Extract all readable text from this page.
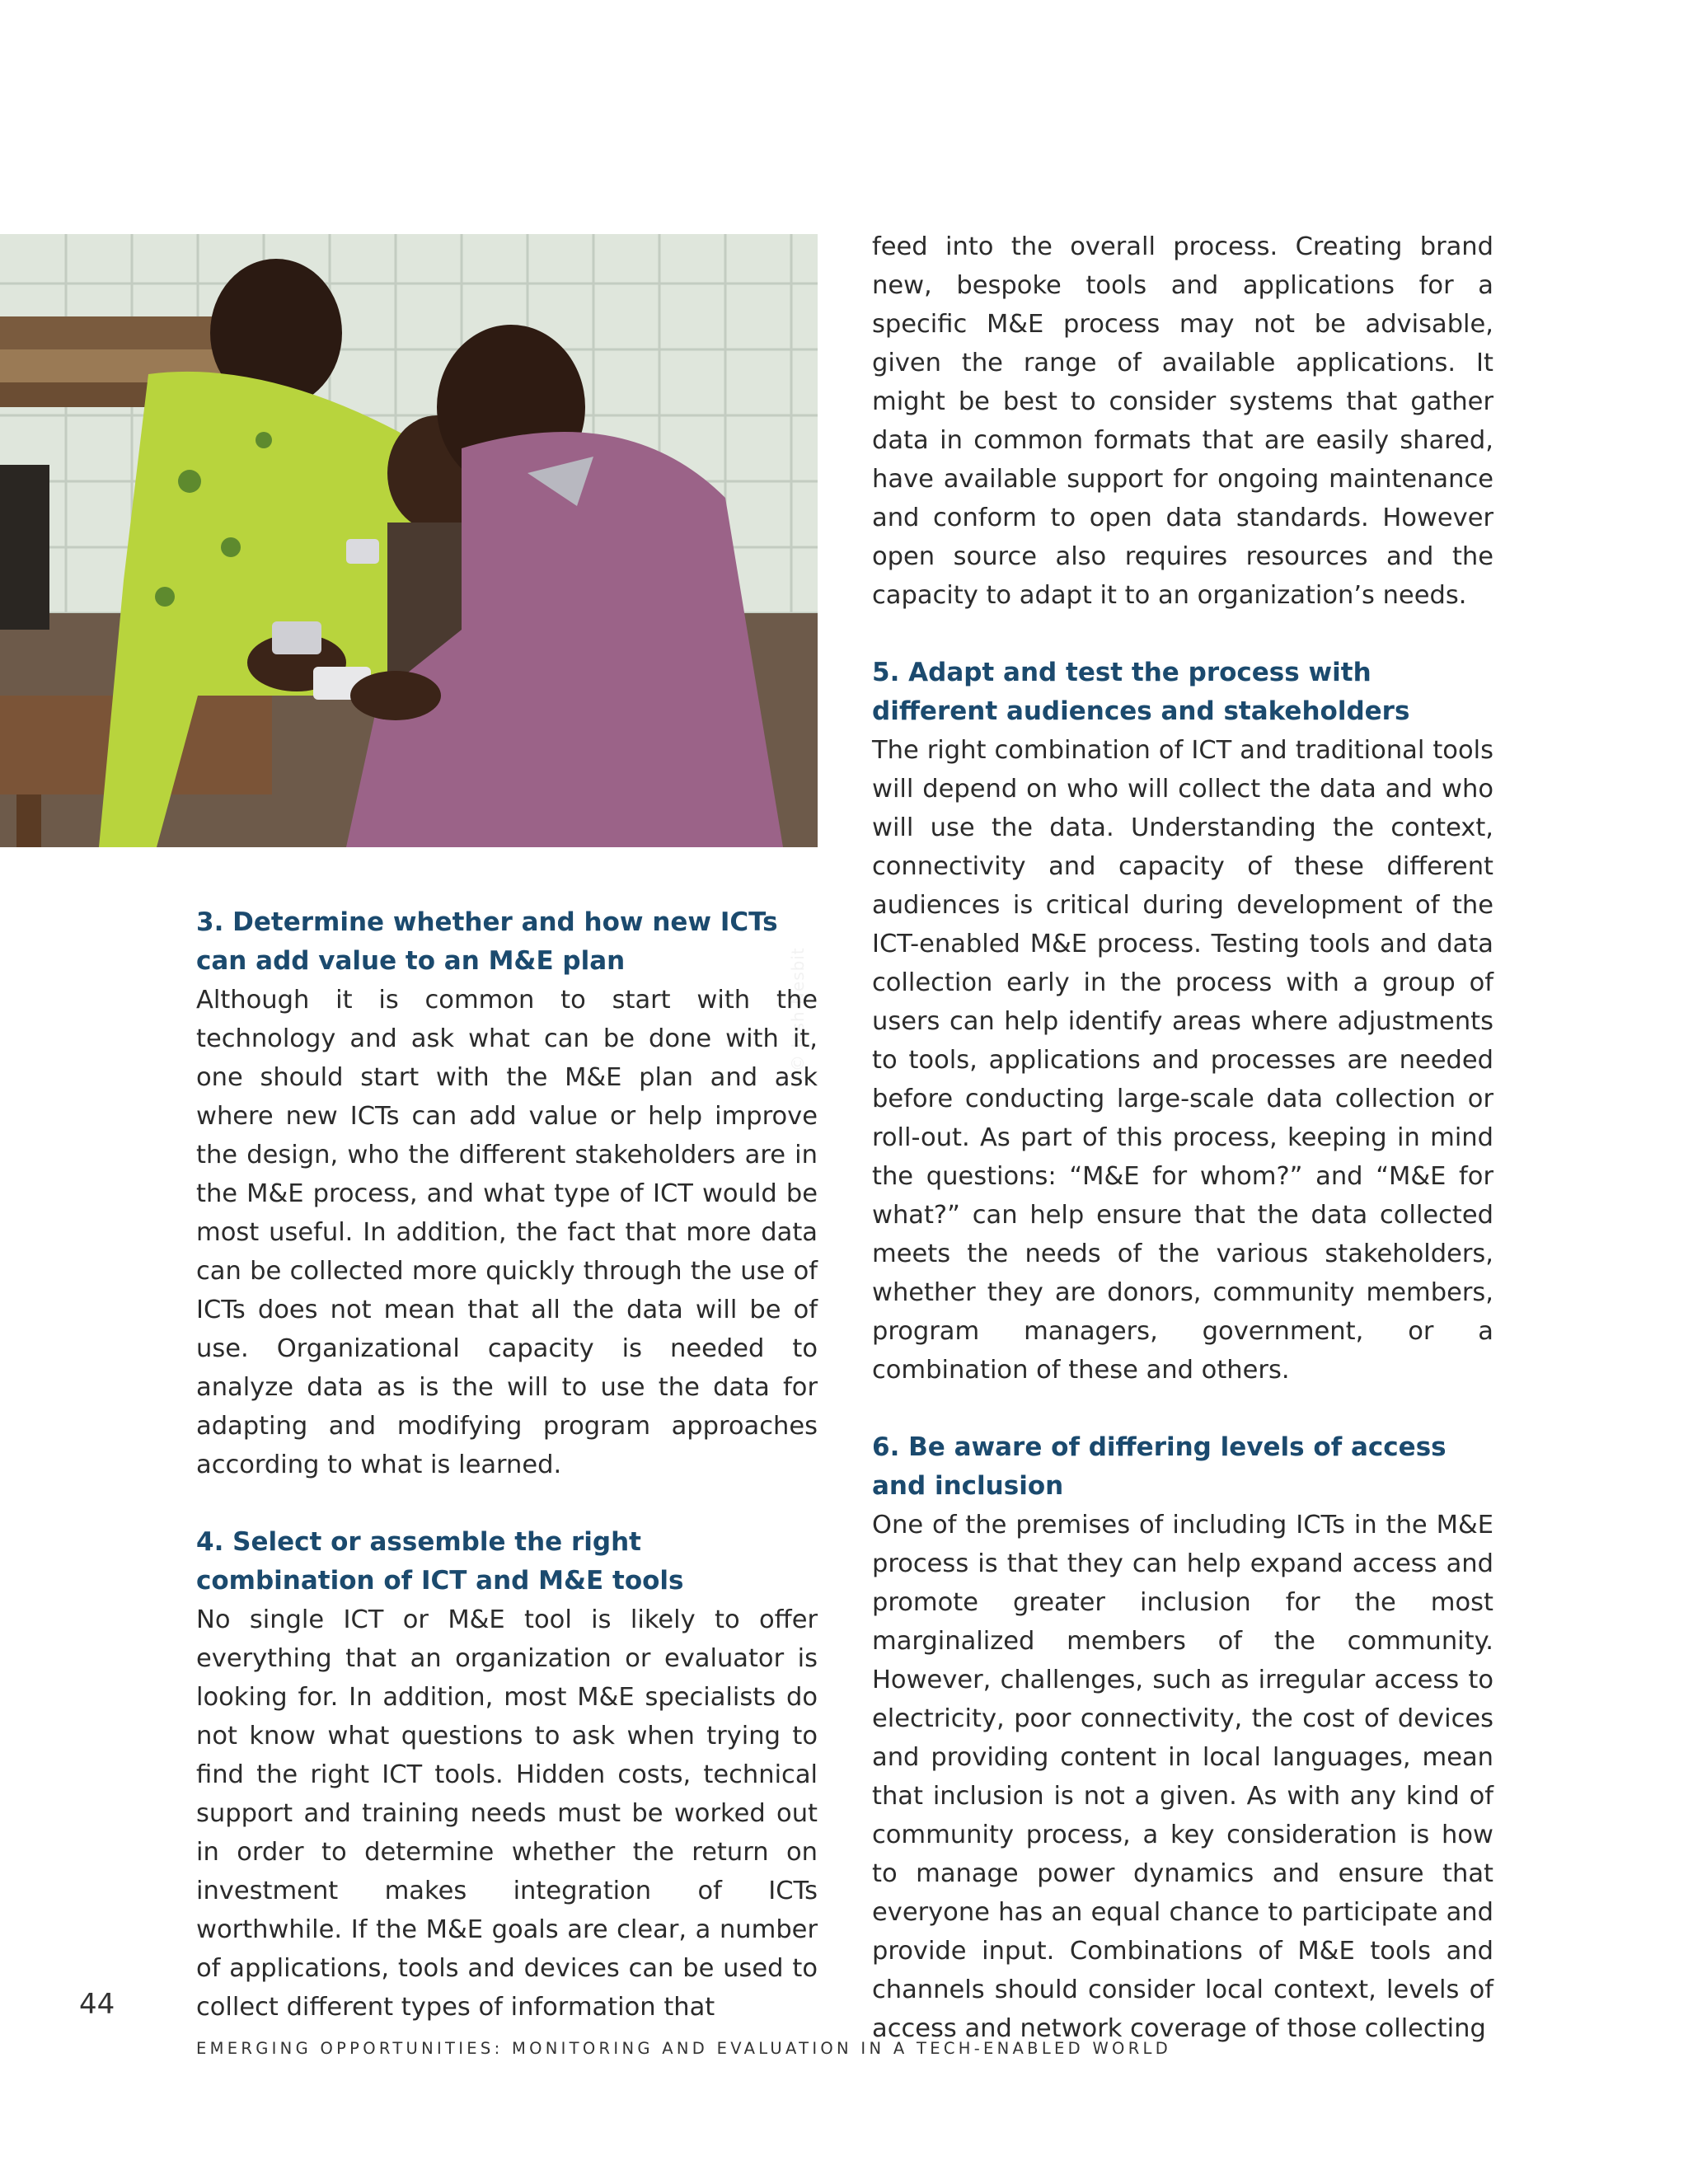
© Josh Nesbit
3. Determine whether and how new ICTs can add value to an M&E plan

Although it is common to start with the technology and ask what can be done with it, one should start with the M&E plan and ask where new ICTs can add value or help improve the design, who the different stakeholders are in the M&E process, and what type of ICT would be most useful. In addition, the fact that more data can be collected more quickly through the use of ICTs does not mean that all the data will be of use. Organizational capacity is needed to analyze data as is the will to use the data for adapting and modifying program approaches according to what is learned.

4. Select or assemble the right combination of ICT and M&E tools

No single ICT or M&E tool is likely to offer everything that an organization or evaluator is looking for. In addition, most M&E specialists do not know what questions to ask when trying to find the right ICT tools. Hidden costs, technical support and training needs must be worked out in order to determine whether the return on investment makes integration of ICTs worthwhile. If the M&E goals are clear, a number of applications, tools and devices can be used to collect different types of information that

feed into the overall process. Creating brand new, bespoke tools and applications for a specific M&E process may not be advisable, given the range of available applications. It might be best to consider systems that gather data in common formats that are easily shared, have available support for ongoing maintenance and conform to open data standards. However open source also requires resources and the capacity to adapt it to an organization’s needs.

5. Adapt and test the process with different audiences and stakeholders

The right combination of ICT and traditional tools will depend on who will collect the data and who will use the data. Understanding the context, connectivity and capacity of these different audiences is critical during development of the ICT-enabled M&E process. Testing tools and data collection early in the process with a group of users can help identify areas where adjustments to tools, applications and processes are needed before conducting large-scale data collection or roll-out. As part of this process, keeping in mind the questions: “M&E for whom?” and “M&E for what?” can help ensure that the data collected meets the needs of the various stakeholders, whether they are donors, community members, program managers, government, or a combination of these and others.

6. Be aware of differing levels of access and inclusion

One of the premises of including ICTs in the M&E process is that they can help expand access and promote greater inclusion for the most marginalized members of the community. However, challenges, such as irregular access to electricity, poor connectivity, the cost of devices and providing content in local languages, mean that inclusion is not a given. As with any kind of community process, a key consideration is how to manage power dynamics and ensure that everyone has an equal chance to participate and provide input. Combinations of M&E tools and channels should consider local context, levels of access and network coverage of those collecting

44
EMERGING OPPORTUNITIES: MONITORING AND EVALUATION IN A TECH-ENABLED WORLD
